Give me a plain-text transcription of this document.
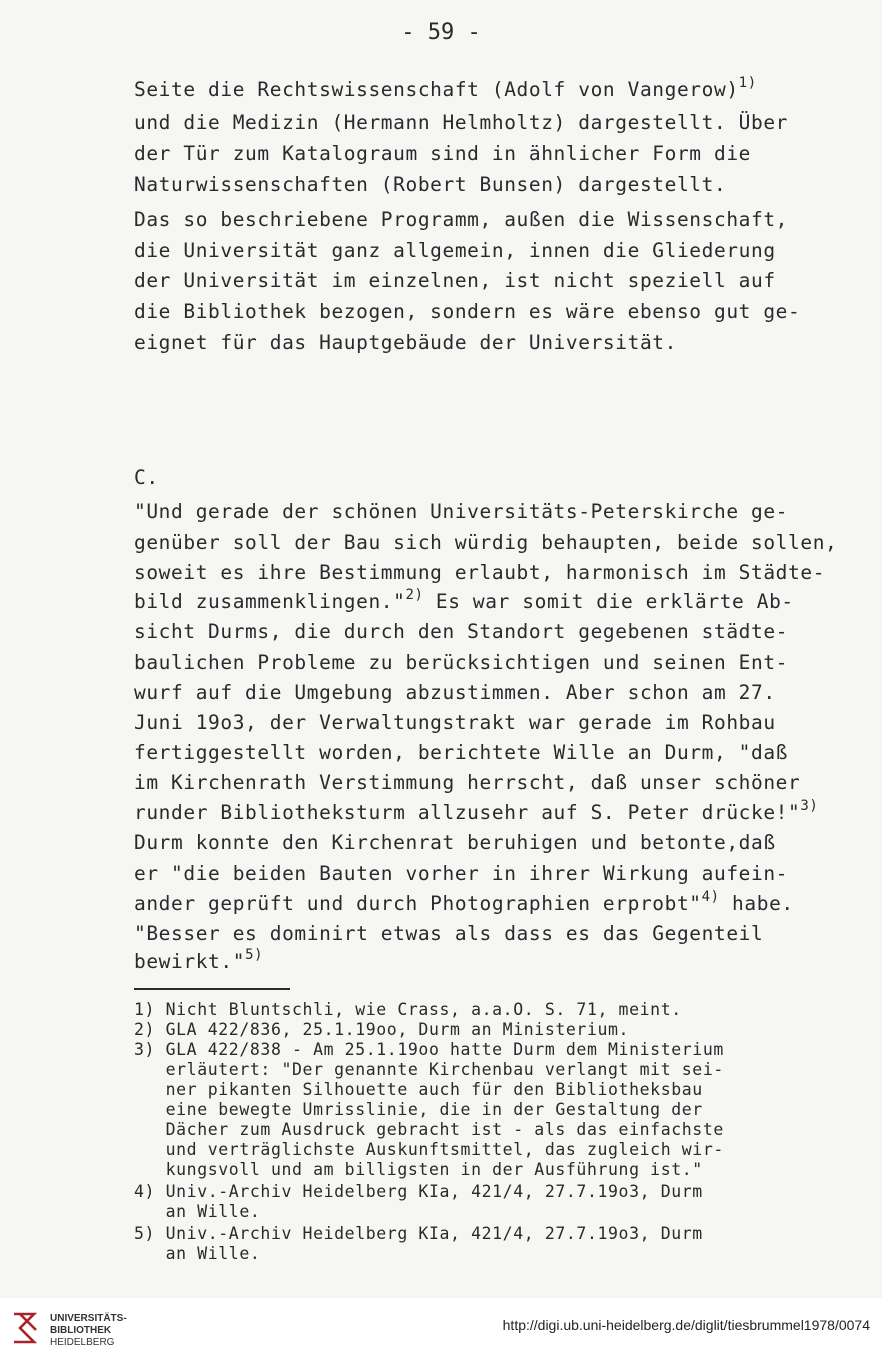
- 59 -
Seite die Rechtswissenschaft (Adolf von Vangerow)$^{1)}$
und die Medizin (Hermann Helmholtz) dargestellt. Über
der Tür zum Katalograum sind in ähnlicher Form die
Naturwissenschaften (Robert Bunsen) dargestellt.
Das so beschriebene Programm, außen die Wissenschaft,
die Universität ganz allgemein, innen die Gliederung
der Universität im einzelnen, ist nicht speziell auf
die Bibliothek bezogen, sondern es wäre ebenso gut ge-
eignet für das Hauptgebäude der Universität.
C.
"Und gerade der schönen Universitäts-Peterskirche ge-
genüber soll der Bau sich würdig behaupten, beide sollen,
soweit es ihre Bestimmung erlaubt, harmonisch im Städte-
bild zusammenklingen."$^{2)}$ Es war somit die erklärte Ab-
sicht Durms, die durch den Standort gegebenen städte-
baulichen Probleme zu berücksichtigen und seinen Ent-
wurf auf die Umgebung abzustimmen. Aber schon am 27.
Juni 19o3, der Verwaltungstrakt war gerade im Rohbau
fertiggestellt worden, berichtete Wille an Durm, "daß
im Kirchenrath Verstimmung herrscht, daß unser schöner
runder Bibliotheksturm allzusehr auf S. Peter drücke!"$^{3)}$
Durm konnte den Kirchenrat beruhigen und betonte,daß
er "die beiden Bauten vorher in ihrer Wirkung aufein-
ander geprüft und durch Photographien erprobt"$^{4)}$ habe.
"Besser es dominirt etwas als dass es das Gegenteil
bewirkt."$^{5)}$
1) Nicht Bluntschli, wie Crass, a.a.O. S. 71, meint.
2) GLA 422/836, 25.1.19oo, Durm an Ministerium.
3) GLA 422/838 - Am 25.1.19oo hatte Durm dem Ministerium
erläutert: "Der genannte Kirchenbau verlangt mit sei-
ner pikanten Silhouette auch für den Bibliotheksbau
eine bewegte Umrisslinie, die in der Gestaltung der
Dächer zum Ausdruck gebracht ist - als das einfachste
und verträglichste Auskunftsmittel, das zugleich wir-
kungsvoll und am billigsten in der Ausführung ist."
4) Univ.-Archiv Heidelberg KIa, 421/4, 27.7.19o3, Durm
an Wille.
5) Univ.-Archiv Heidelberg KIa, 421/4, 27.7.19o3, Durm
an Wille.
UNIVERSITÄTS-
BIBLIOTHEK
HEIDELBERG
http://digi.ub.uni-heidelberg.de/diglit/tiesbrummel1978/0074
